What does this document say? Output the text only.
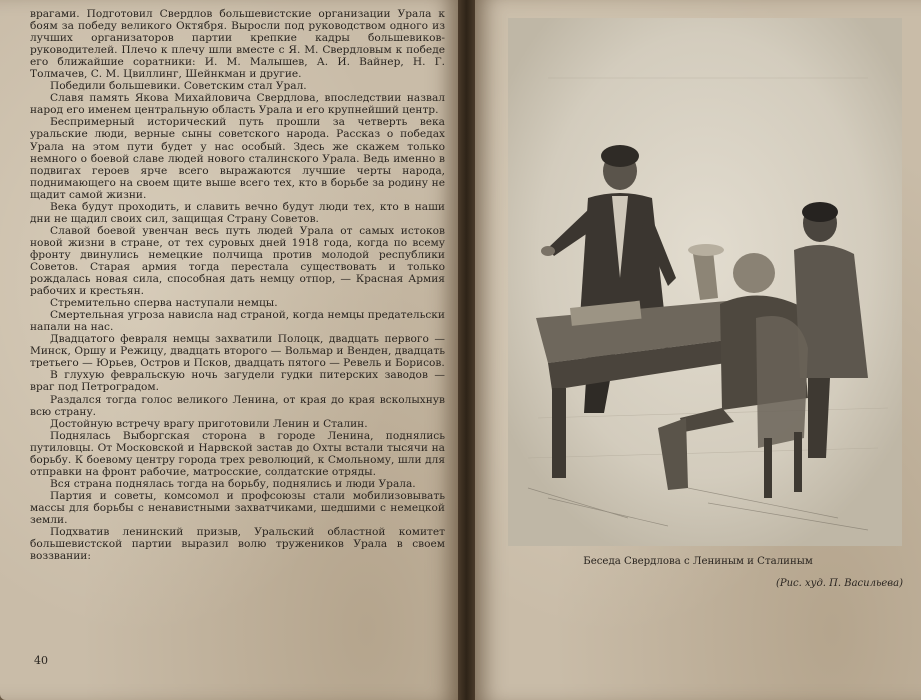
врагами. Подготовил Свердлов большевистские организации Урала к боям за победу великого Октября. Выросли под руководством одного из лучших организаторов партии крепкие кадры большевиков-руководителей. Плечо к плечу шли вместе с Я. М. Свердловым к победе его ближайшие соратники: И. М. Малышев, А. И. Вайнер, Н. Г. Толмачев, С. М. Цвиллинг, Шейнкман и другие.

Победили большевики. Советским стал Урал.

Славя память Якова Михайловича Свердлова, впоследствии назвал народ его именем центральную область Урала и его крупнейший центр.

Беспримерный исторический путь прошли за четверть века уральские люди, верные сыны советского народа. Рассказ о победах Урала на этом пути будет у нас особый. Здесь же скажем только немного о боевой славе людей нового сталинского Урала. Ведь именно в подвигах героев ярче всего выражаются лучшие черты народа, поднимающего на своем щите выше всего тех, кто в борьбе за родину не щадит самой жизни.

Века будут проходить, и славить вечно будут люди тех, кто в наши дни не щадил своих сил, защищая Страну Советов.

Славой боевой увенчан весь путь людей Урала от самых истоков новой жизни в стране, от тех суровых дней 1918 года, когда по всему фронту двинулись немецкие полчища против молодой республики Советов. Старая армия тогда перестала существовать и только рождалась новая сила, способная дать немцу отпор, — Красная Армия рабочих и крестьян.

Стремительно сперва наступали немцы.

Смертельная угроза нависла над страной, когда немцы предательски напали на нас.

Двадцатого февраля немцы захватили Полоцк, двадцать первого — Минск, Оршу и Режицу, двадцать второго — Вольмар и Венден, двадцать третьего — Юрьев, Остров и Псков, двадцать пятого — Ревель и Борисов.

В глухую февральскую ночь загудели гудки питерских заводов — враг под Петроградом.

Раздался тогда голос великого Ленина, от края до края всколыхнув всю страну.

Достойную встречу врагу приготовили Ленин и Сталин.

Поднялась Выборгская сторона в городе Ленина, поднялись путиловцы. От Московской и Нарвской застав до Охты встали тысячи на борьбу. К боевому центру города трех революций, к Смольному, шли для отправки на фронт рабочие, матросские, солдатские отряды.

Вся страна поднялась тогда на борьбу, поднялись и люди Урала.

Партия и советы, комсомол и профсоюзы стали мобилизовывать массы для борьбы с ненавистными захватчиками, шедшими с немецкой земли.

Подхватив ленинский призыв, Уральский областной комитет большевистской партии выразил волю тружеников Урала в своем воззвании:

40
Беседа Свердлова с Лениным и Сталиным
(Рис. худ. П. Васильева)
